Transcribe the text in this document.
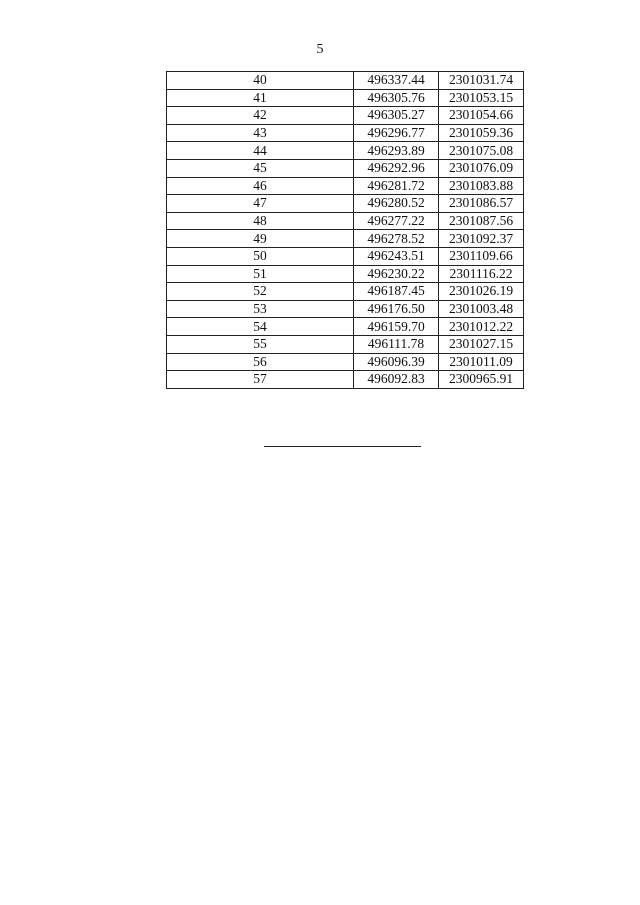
5
40	496337.44	2301031.74
41	496305.76	2301053.15
42	496305.27	2301054.66
43	496296.77	2301059.36
44	496293.89	2301075.08
45	496292.96	2301076.09
46	496281.72	2301083.88
47	496280.52	2301086.57
48	496277.22	2301087.56
49	496278.52	2301092.37
50	496243.51	2301109.66
51	496230.22	2301116.22
52	496187.45	2301026.19
53	496176.50	2301003.48
54	496159.70	2301012.22
55	496111.78	2301027.15
56	496096.39	2301011.09
57	496092.83	2300965.91
